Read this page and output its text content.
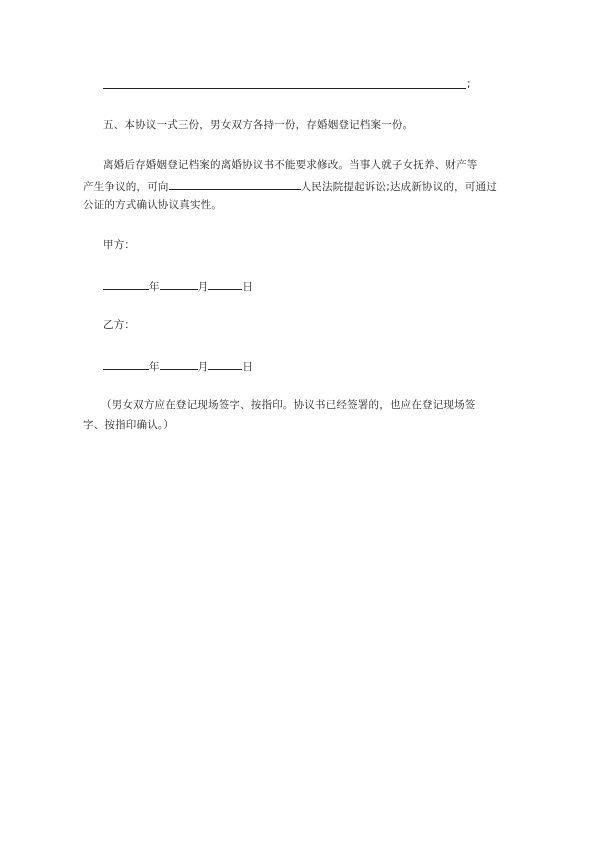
;
五、本协议一式三份，男女双方各持一份，存婚姻登记档案一份。
离婚后存婚姻登记档案的离婚协议书不能要求修改。当事人就子女抚养、财产等
产生争议的，可向	人民法院提起诉讼;达成新协议的，可通过
公证的方式确认协议真实性。
甲方：
年	月	日
乙方：
年	月	日
（男女双方应在登记现场签字、按指印。协议书已经签署的，也应在登记现场签
字、按指印确认。）
